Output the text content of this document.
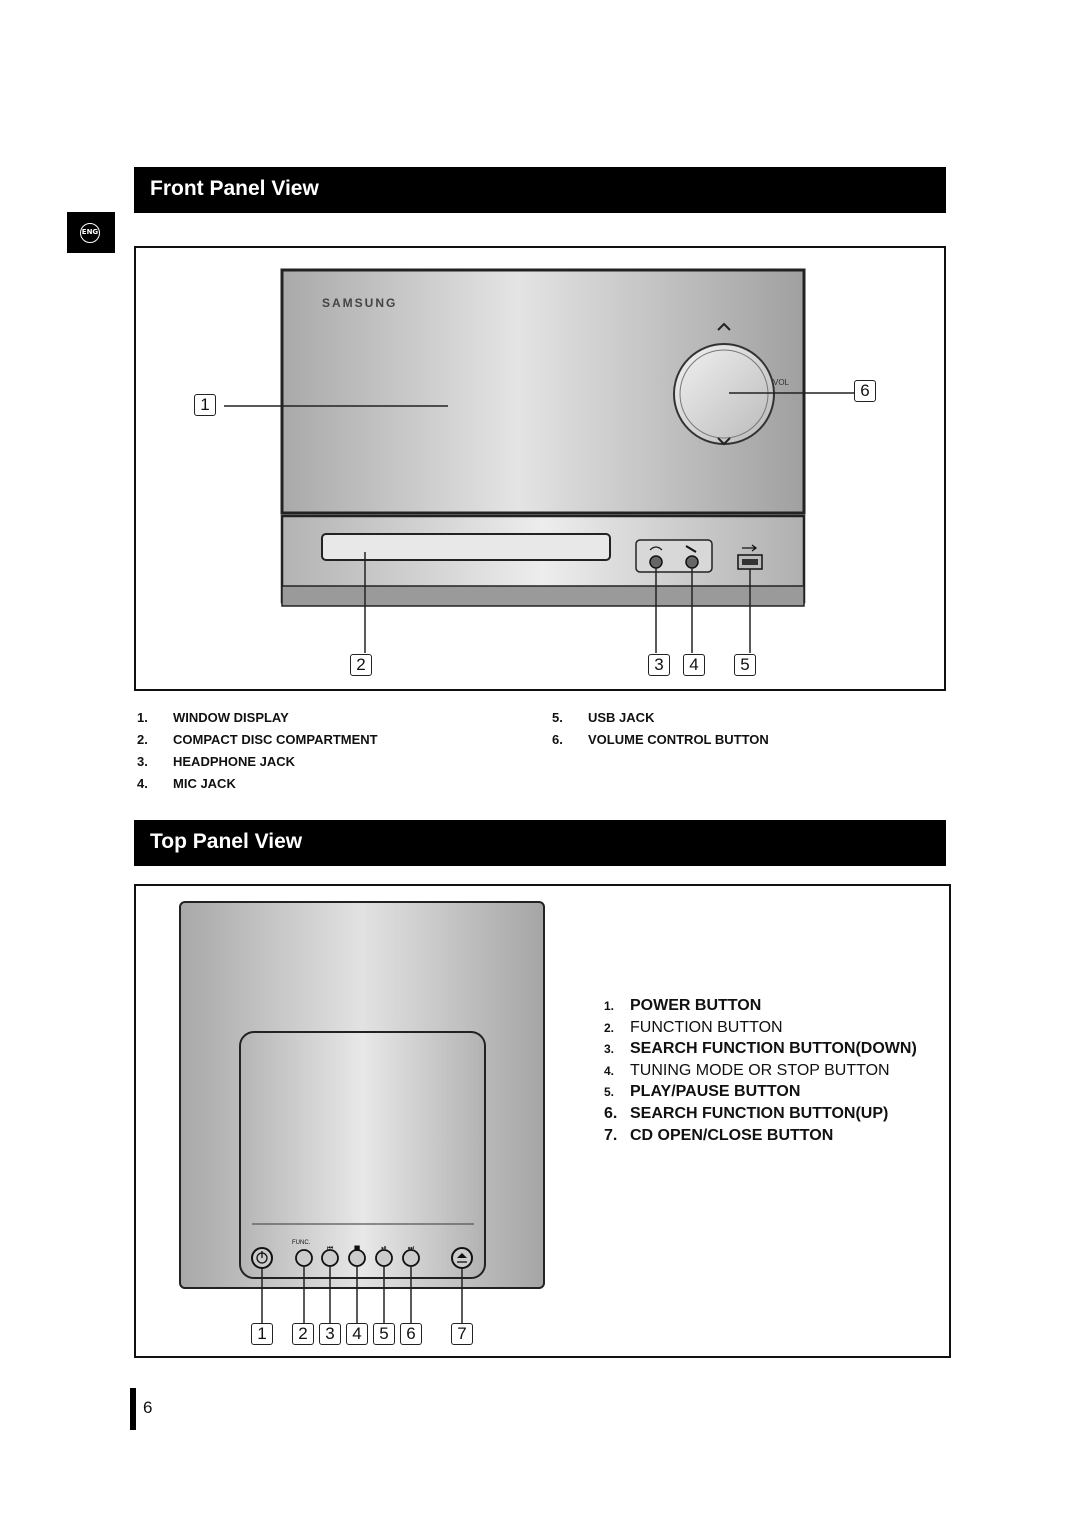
Front Panel View
ENG
SAMSUNG
VOL
1
6
2	3	4	5
1. WINDOW DISPLAY
2. COMPACT DISC COMPARTMENT
3. HEADPHONE JACK
4. MIC JACK
5. USB JACK
6. VOLUME CONTROL BUTTON
Top Panel View
⏮	■	⏯	⏭
FUNC.
1	2	3	4	5	6	7
1. POWER BUTTON
2. FUNCTION BUTTON
3. SEARCH FUNCTION BUTTON(DOWN)
4. TUNING MODE OR STOP BUTTON
5. PLAY/PAUSE BUTTON
6. SEARCH FUNCTION BUTTON(UP)
7. CD OPEN/CLOSE BUTTON
6
